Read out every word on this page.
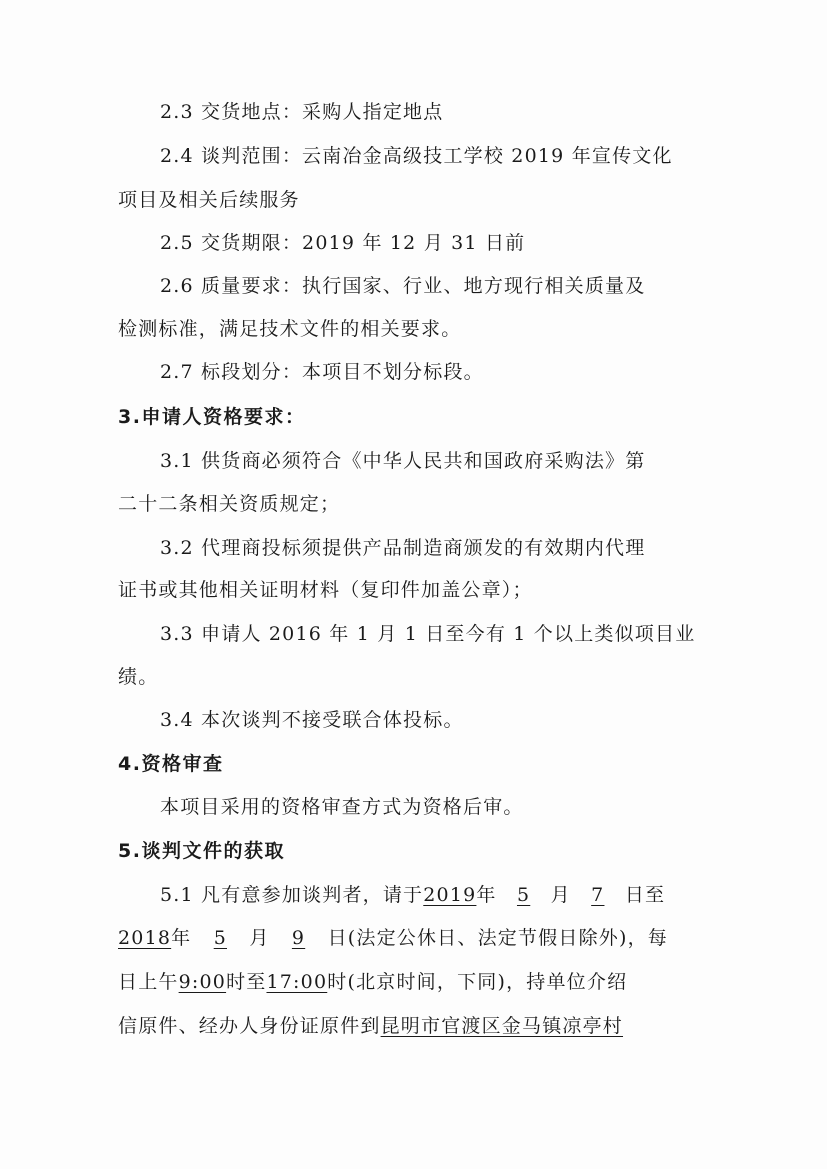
2.3 交货地点：采购人指定地点
2.4 谈判范围：云南冶金高级技工学校 2019 年宣传文化
项目及相关后续服务
2.5 交货期限：2019 年 12 月 31 日前
2.6 质量要求：执行国家、行业、地方现行相关质量及
检测标准，满足技术文件的相关要求。
2.7 标段划分：本项目不划分标段。
3.申请人资格要求：
3.1 供货商必须符合《中华人民共和国政府采购法》第
二十二条相关资质规定；
3.2 代理商投标须提供产品制造商颁发的有效期内代理
证书或其他相关证明材料（复印件加盖公章）；
3.3 申请人 2016 年 1 月 1 日至今有 1 个以上类似项目业
绩。
3.4 本次谈判不接受联合体投标。
4.资格审查
本项目采用的资格审查方式为资格后审。
5.谈判文件的获取
5.1 凡有意参加谈判者，请于2019年 5 月 7 日至
2018年 5 月 9 日(法定公休日、法定节假日除外)，每
日上午9:00时至17:00时(北京时间，下同)，持单位介绍
信原件、经办人身份证原件到昆明市官渡区金马镇凉亭村
